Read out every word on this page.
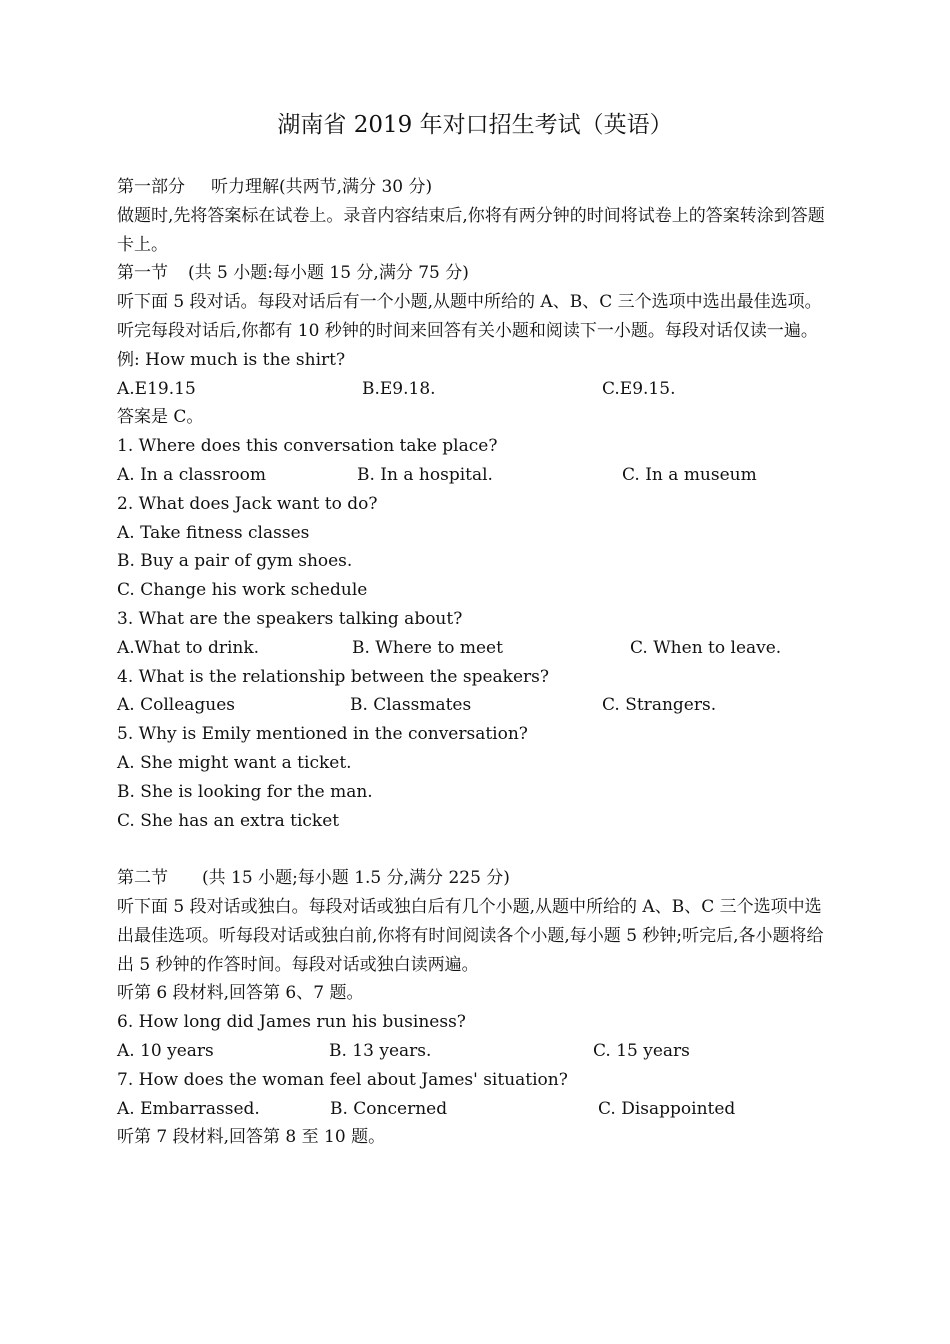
湖南省 2019 年对口招生考试（英语）
第一部分 听力理解(共两节,满分 30 分)
做题时,先将答案标在试卷上。录音内容结束后,你将有两分钟的时间将试卷上的答案转涂到答题卡上。
第一节 (共 5 小题:每小题 15 分,满分 75 分)
听下面 5 段对话。每段对话后有一个小题,从题中所给的 A、B、C 三个选项中选出最佳选项。听完每段对话后,你都有 10 秒钟的时间来回答有关小题和阅读下一小题。每段对话仅读一遍。
例: How much is the shirt?
A.E19.15	B.E9.18.	C.E9.15.
答案是 C。
1. Where does this conversation take place?
A. In a classroom	B. In a hospital.	C. In a museum
2. What does Jack want to do?
A. Take fitness classes
B. Buy a pair of gym shoes.
C. Change his work schedule
3. What are the speakers talking about?
A.What to drink.	B. Where to meet	C. When to leave.
4. What is the relationship between the speakers?
A. Colleagues	B. Classmates	C. Strangers.
5. Why is Emily mentioned in the conversation?
A. She might want a ticket.
B. She is looking for the man.
C. She has an extra ticket
第二节 (共 15 小题;每小题 1.5 分,满分 225 分)
听下面 5 段对话或独白。每段对话或独白后有几个小题,从题中所给的 A、B、C 三个选项中选出最佳选项。听每段对话或独白前,你将有时间阅读各个小题,每小题 5 秒钟;听完后,各小题将给出 5 秒钟的作答时间。每段对话或独白读两遍。
听第 6 段材料,回答第 6、7 题。
6. How long did James run his business?
A. 10 years	B. 13 years.	C. 15 years
7. How does the woman feel about James' situation?
A. Embarrassed.	B. Concerned	C. Disappointed
听第 7 段材料,回答第 8 至 10 题。
